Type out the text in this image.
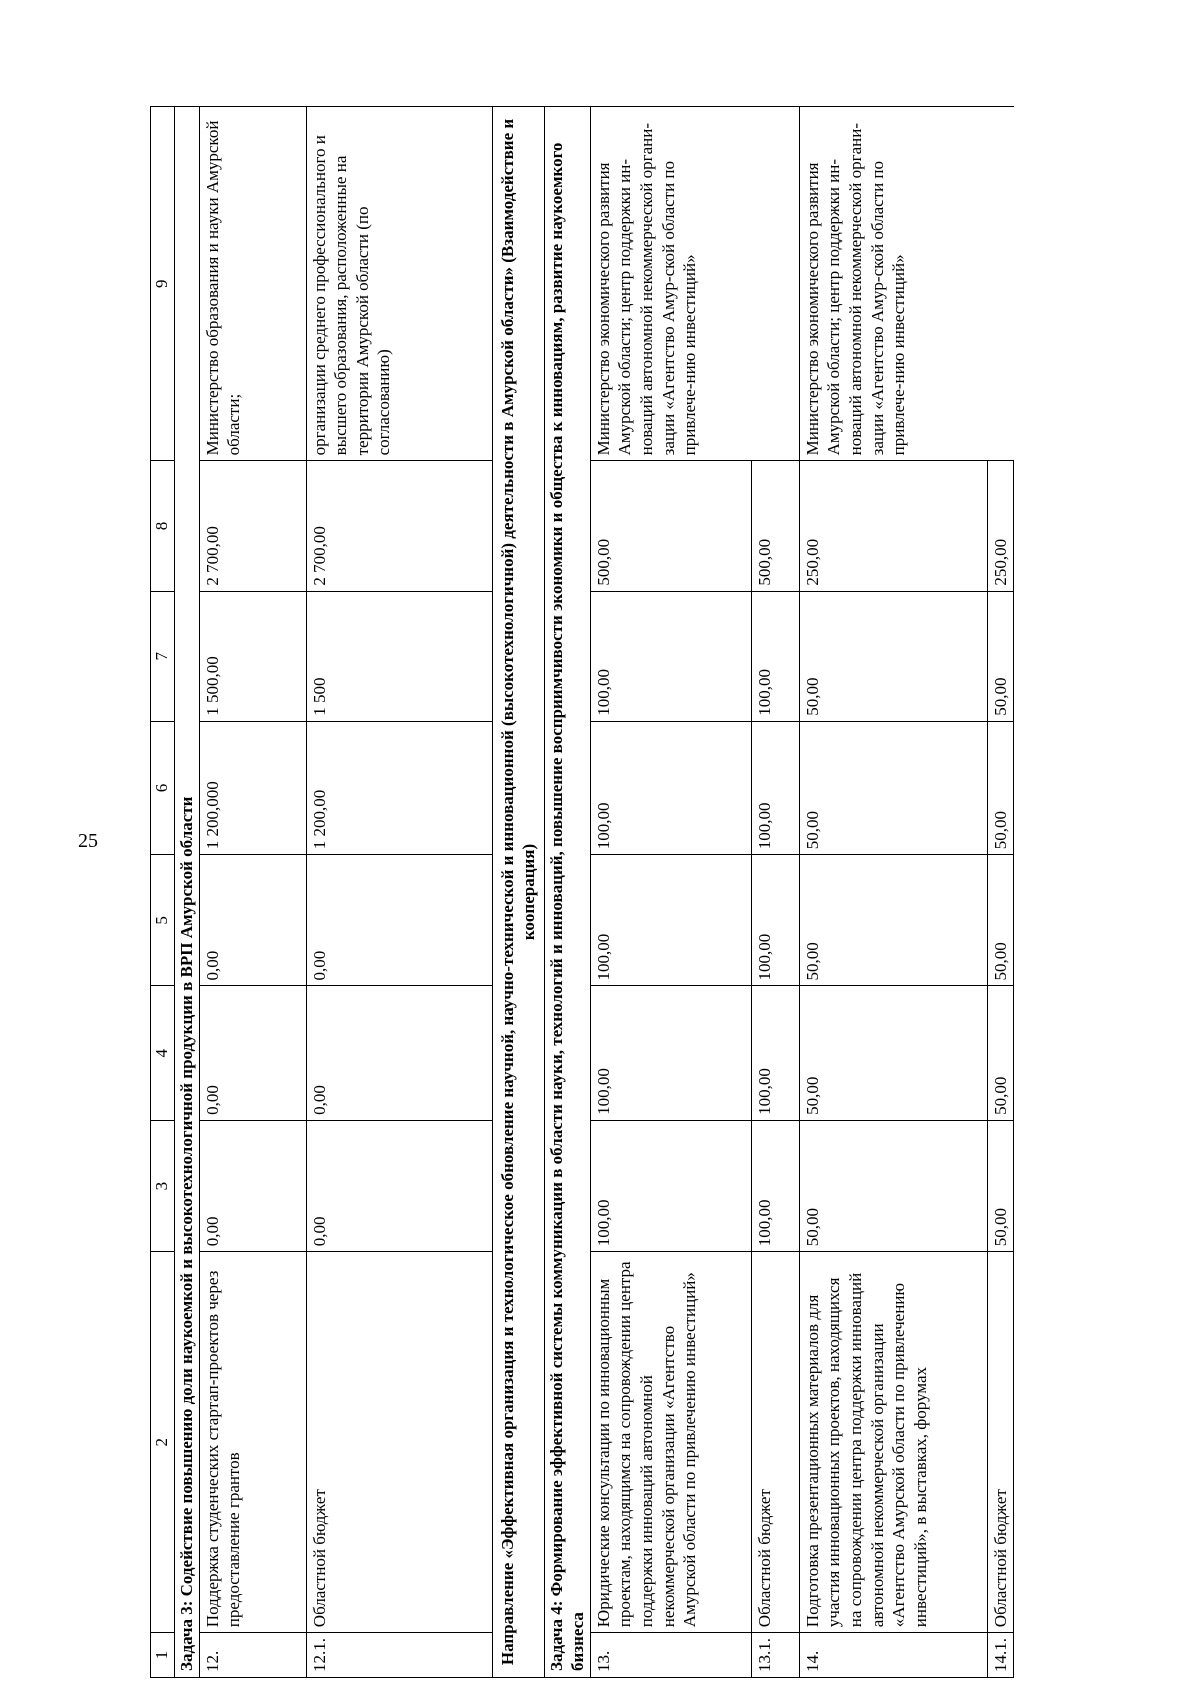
25
1	2	3	4	5	6	7	8	9
Задача 3: Содействие повышению доли наукоемкой и высокотехнологичной продукции в ВРП Амурской области								
12.	Поддержка студенческих стартап-проектов через предоставление грантов	0,00	0,00	0,00	1 200,000	1 500,00	2 700,00	Министерство образования и науки Амурской области;
12.1.	Областной бюджет	0,00	0,00	0,00	1 200,00	1 500	2 700,00	организации среднего профессионального и высшего образования, расположенные на территории Амурской области (по согласованию)
Направление «Эффективная организация и технологическое обновление научной, научно-технической и инновационной (высокотехнологичной) деятельности в Амурской области» (Взаимодействие и кооперация)								
Задача 4: Формирование эффективной системы коммуникации в области науки, технологий и инноваций, повышение восприимчивости экономики и общества к инновациям, развитие наукоемкого бизнеса								
13.	Юридические консультации по инновационным проектам, находящимся на сопровождении центра поддержки инноваций автономной некоммерческой организации «Агентство Амурской области по привлечению инвестиций»	100,00	100,00	100,00	100,00	100,00	500,00	Министерство экономического развития Амурской области; центр поддержки ин-новаций автономной некоммерческой органи-зации «Агентство Амур-ской области по привлече-нию инвестиций»
13.1.	Областной бюджет	100,00	100,00	100,00	100,00	100,00	500,00	
14.	Подготовка презентационных материалов для участия инновационных проектов, находящихся на сопровождении центра поддержки инноваций автономной некоммерческой организации «Агентство Амурской области по привлечению инвестиций», в выставках, форумах	50,00	50,00	50,00	50,00	50,00	250,00	Министерство экономического развития Амурской области; центр поддержки ин-новаций автономной некоммерческой органи-зации «Агентство Амур-ской области по привлече-нию инвестиций»
14.1.	Областной бюджет	50,00	50,00	50,00	50,00	50,00	250,00	
